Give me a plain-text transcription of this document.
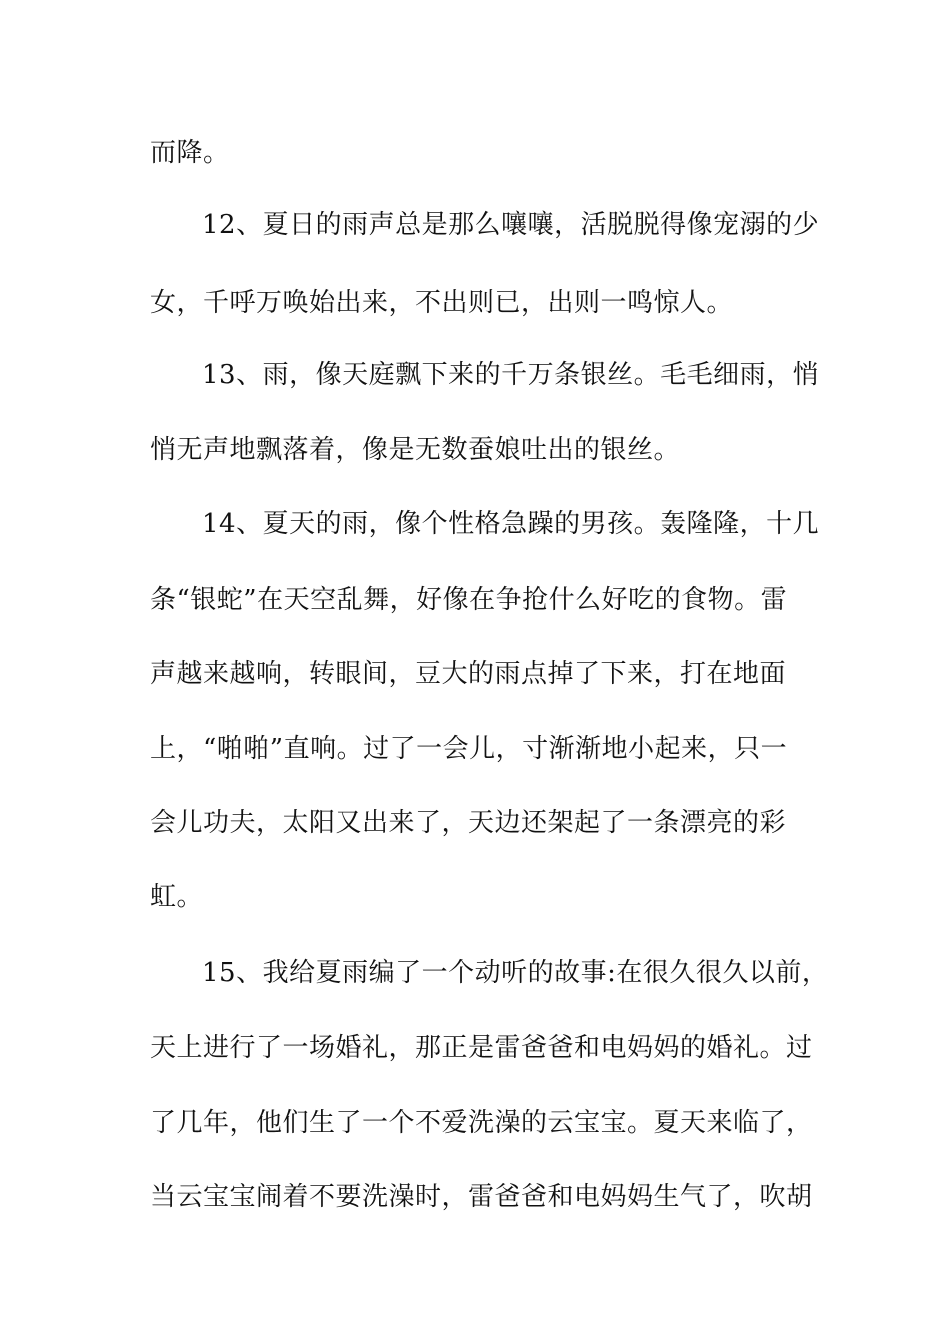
而降。

12、夏日的雨声总是那么嚷嚷，活脱脱得像宠溺的少

女，千呼万唤始出来，不出则已，出则一鸣惊人。

13、雨，像天庭飘下来的千万条银丝。毛毛细雨，悄

悄无声地飘落着，像是无数蚕娘吐出的银丝。

14、夏天的雨，像个性格急躁的男孩。轰隆隆，十几

条“银蛇”在天空乱舞，好像在争抢什么好吃的食物。雷

声越来越响，转眼间，豆大的雨点掉了下来，打在地面

上，“啪啪”直响。过了一会儿，寸渐渐地小起来，只一

会儿功夫，太阳又出来了，天边还架起了一条漂亮的彩

虹。

15、我给夏雨编了一个动听的故事:在很久很久以前，

天上进行了一场婚礼，那正是雷爸爸和电妈妈的婚礼。过

了几年，他们生了一个不爱洗澡的云宝宝。夏天来临了，

当云宝宝闹着不要洗澡时，雷爸爸和电妈妈生气了，吹胡
